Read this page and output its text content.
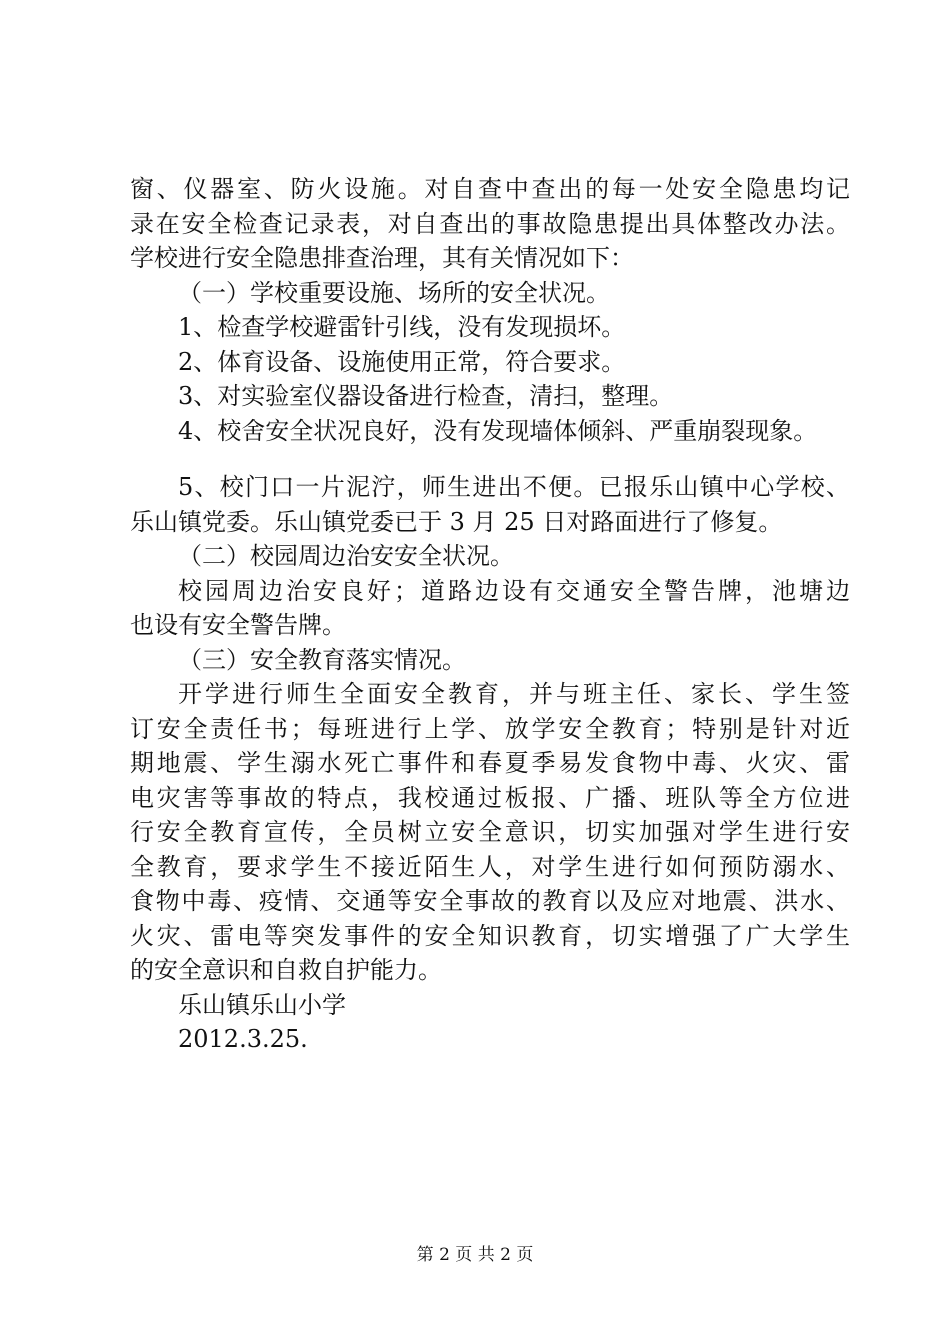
窗、仪器室、防火设施。对自查中查出的每一处安全隐患均记
录在安全检查记录表，对自查出的事故隐患提出具体整改办法。
学校进行安全隐患排查治理，其有关情况如下：
（一）学校重要设施、场所的安全状况。
1、检查学校避雷针引线，没有发现损坏。
2、体育设备、设施使用正常，符合要求。
3、对实验室仪器设备进行检查，清扫，整理。
4、校舍安全状况良好，没有发现墙体倾斜、严重崩裂现象。
5、校门口一片泥泞，师生进出不便。已报乐山镇中心学校、
乐山镇党委。乐山镇党委已于 3 月 25 日对路面进行了修复。
（二）校园周边治安安全状况。
校园周边治安良好；道路边设有交通安全警告牌，池塘边
也设有安全警告牌。
（三）安全教育落实情况。
开学进行师生全面安全教育，并与班主任、家长、学生签
订安全责任书；每班进行上学、放学安全教育；特别是针对近
期地震、学生溺水死亡事件和春夏季易发食物中毒、火灾、雷
电灾害等事故的特点，我校通过板报、广播、班队等全方位进
行安全教育宣传，全员树立安全意识，切实加强对学生进行安
全教育，要求学生不接近陌生人，对学生进行如何预防溺水、
食物中毒、疫情、交通等安全事故的教育以及应对地震、洪水、
火灾、雷电等突发事件的安全知识教育，切实增强了广大学生
的安全意识和自救自护能力。
乐山镇乐山小学
2012.3.25.
第 2 页 共 2 页
